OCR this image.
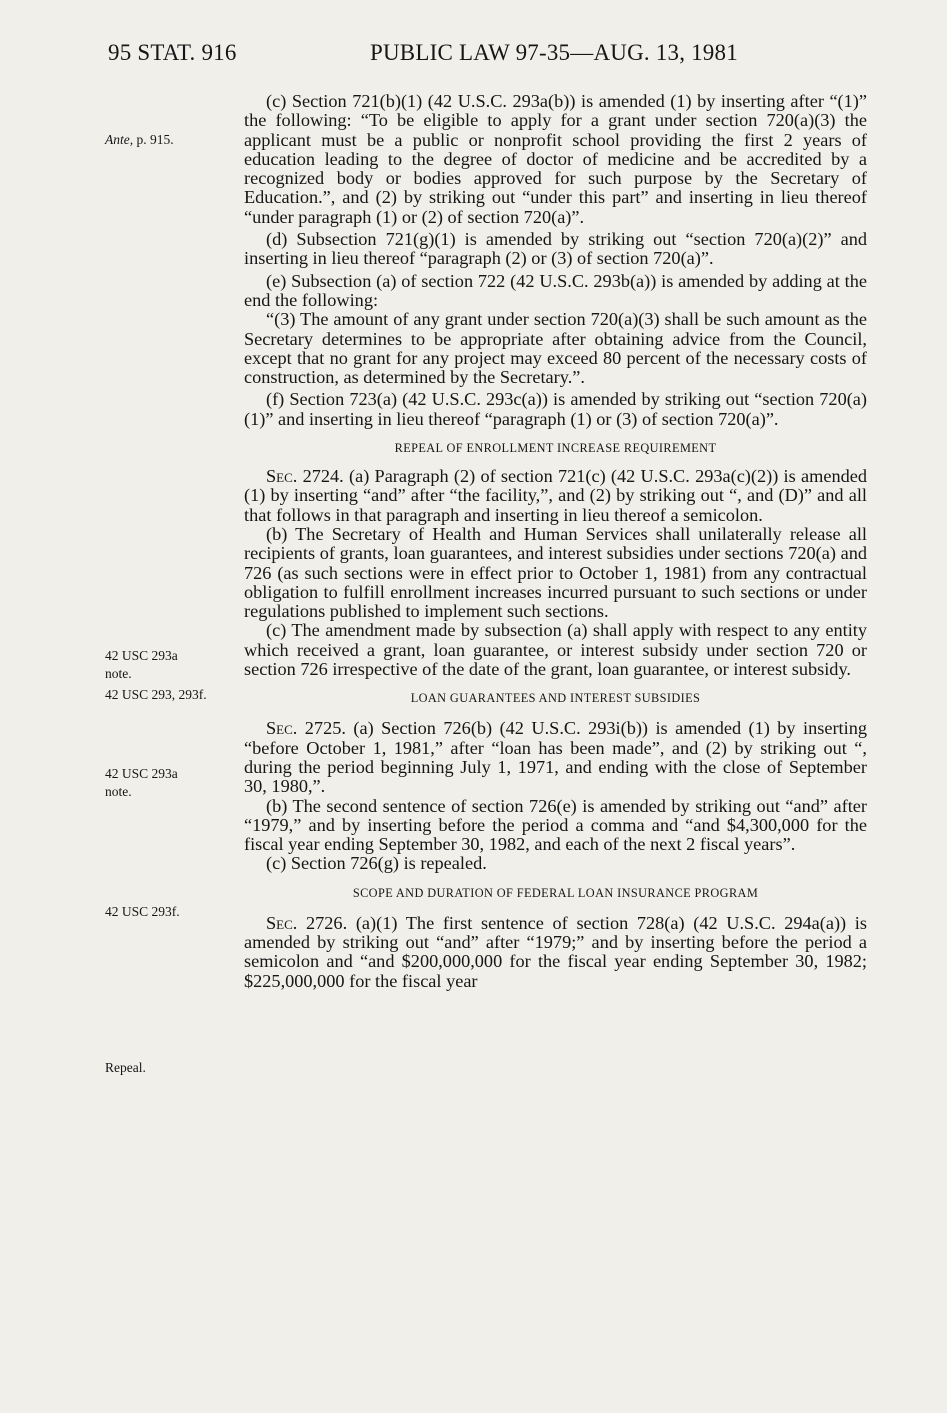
95 STAT. 916	PUBLIC LAW 97-35—AUG. 13, 1981
Ante, p. 915.
42 USC 293a
note.
42 USC 293, 293f.
42 USC 293a
note.
42 USC 293f.
Repeal.

(c) Section 721(b)(1) (42 U.S.C. 293a(b)) is amended (1) by inserting after “(1)” the following: “To be eligible to apply for a grant under section 720(a)(3) the applicant must be a public or nonprofit school providing the first 2 years of education leading to the degree of doctor of medicine and be accredited by a recognized body or bodies approved for such purpose by the Secretary of Education.”, and (2) by striking out “under this part” and inserting in lieu thereof “under paragraph (1) or (2) of section 720(a)”.

(d) Subsection 721(g)(1) is amended by striking out “section 720(a)(2)” and inserting in lieu thereof “paragraph (2) or (3) of section 720(a)”.

(e) Subsection (a) of section 722 (42 U.S.C. 293b(a)) is amended by adding at the end the following:

“(3) The amount of any grant under section 720(a)(3) shall be such amount as the Secretary determines to be appropriate after obtaining advice from the Council, except that no grant for any project may exceed 80 percent of the necessary costs of construction, as determined by the Secretary.”.

(f) Section 723(a) (42 U.S.C. 293c(a)) is amended by striking out “section 720(a)(1)” and inserting in lieu thereof “paragraph (1) or (3) of section 720(a)”.

REPEAL OF ENROLLMENT INCREASE REQUIREMENT

Sec. 2724. (a) Paragraph (2) of section 721(c) (42 U.S.C. 293a(c)(2)) is amended (1) by inserting “and” after “the facility,”, and (2) by striking out “, and (D)” and all that follows in that paragraph and inserting in lieu thereof a semicolon.

(b) The Secretary of Health and Human Services shall unilaterally release all recipients of grants, loan guarantees, and interest subsidies under sections 720(a) and 726 (as such sections were in effect prior to October 1, 1981) from any contractual obligation to fulfill enrollment increases incurred pursuant to such sections or under regulations published to implement such sections.

(c) The amendment made by subsection (a) shall apply with respect to any entity which received a grant, loan guarantee, or interest subsidy under section 720 or section 726 irrespective of the date of the grant, loan guarantee, or interest subsidy.

LOAN GUARANTEES AND INTEREST SUBSIDIES

Sec. 2725. (a) Section 726(b) (42 U.S.C. 293i(b)) is amended (1) by inserting “before October 1, 1981,” after “loan has been made”, and (2) by striking out “, during the period beginning July 1, 1971, and ending with the close of September 30, 1980,”.

(b) The second sentence of section 726(e) is amended by striking out “and” after “1979,” and by inserting before the period a comma and “and $4,300,000 for the fiscal year ending September 30, 1982, and each of the next 2 fiscal years”.

(c) Section 726(g) is repealed.

SCOPE AND DURATION OF FEDERAL LOAN INSURANCE PROGRAM

Sec. 2726. (a)(1) The first sentence of section 728(a) (42 U.S.C. 294a(a)) is amended by striking out “and” after “1979;” and by inserting before the period a semicolon and “and $200,000,000 for the fiscal year ending September 30, 1982; $225,000,000 for the fiscal year
